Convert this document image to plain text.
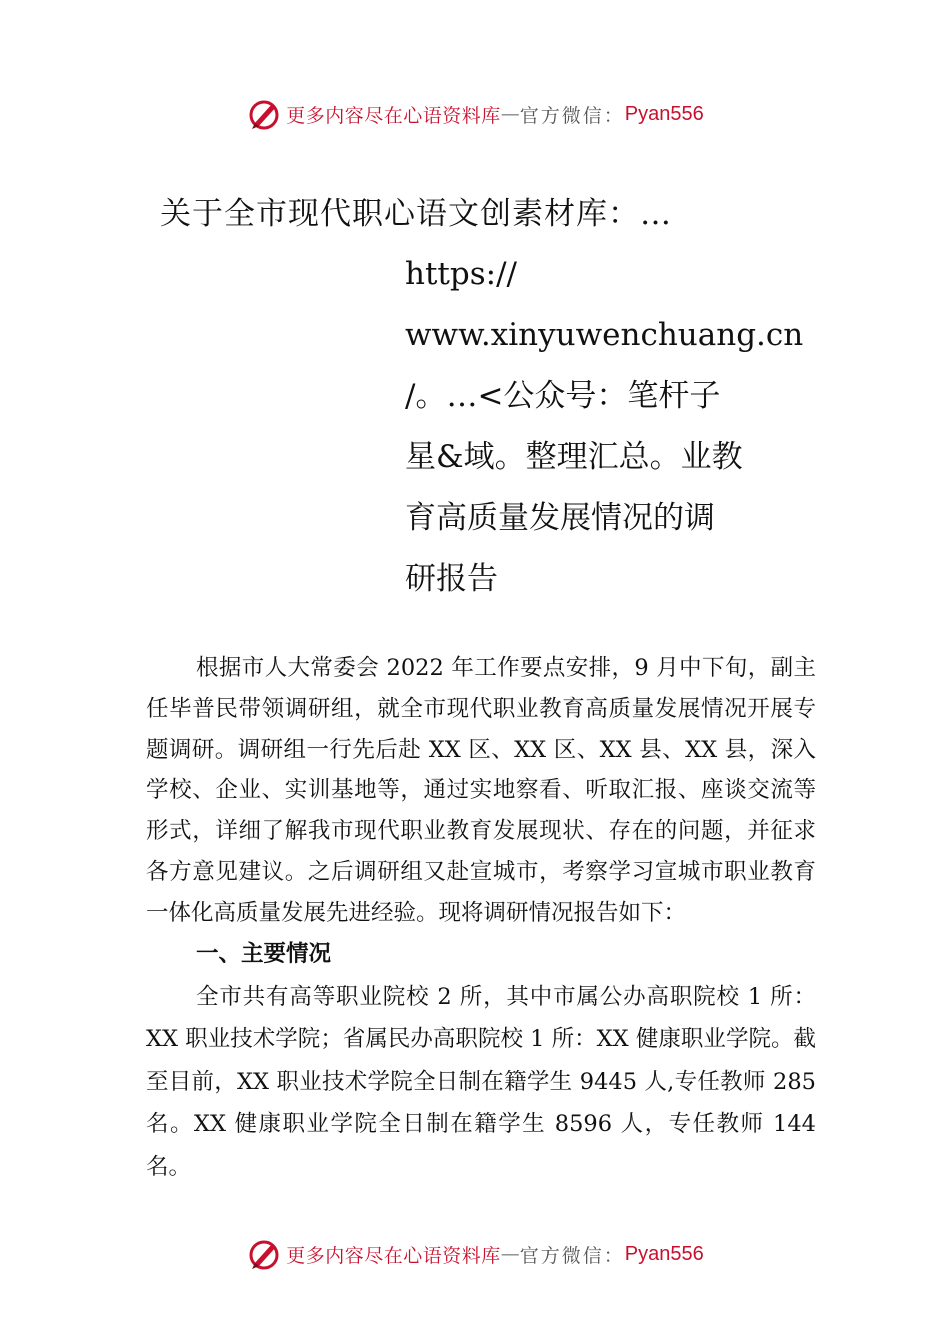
更多内容尽在心语资料库 — 官方微信： Pyan556
关于全市现代职心语文创素材库：…
https://
www.xinyuwenchuang.cn
/。…<公众号：笔杆子
星&域。整理汇总。业教
育高质量发展情况的调
研报告

根据市人大常委会 2022 年工作要点安排，9 月中下旬，副主任毕普民带领调研组，就全市现代职业教育高质量发展情况开展专题调研。调研组一行先后赴 XX 区、XX 区、XX 县、XX 县，深入学校、企业、实训基地等，通过实地察看、听取汇报、座谈交流等形式，详细了解我市现代职业教育发展现状、存在的问题，并征求各方意见建议。之后调研组又赴宣城市，考察学习宣城市职业教育一体化高质量发展先进经验。现将调研情况报告如下：

一、主要情况

全市共有高等职业院校 2 所，其中市属公办高职院校 1 所：XX 职业技术学院；省属民办高职院校 1 所：XX 健康职业学院。截至目前，XX 职业技术学院全日制在籍学生 9445 人,专任教师 285 名。XX 健康职业学院全日制在籍学生 8596 人，专任教师 144 名。

更多内容尽在心语资料库 — 官方微信： Pyan556
